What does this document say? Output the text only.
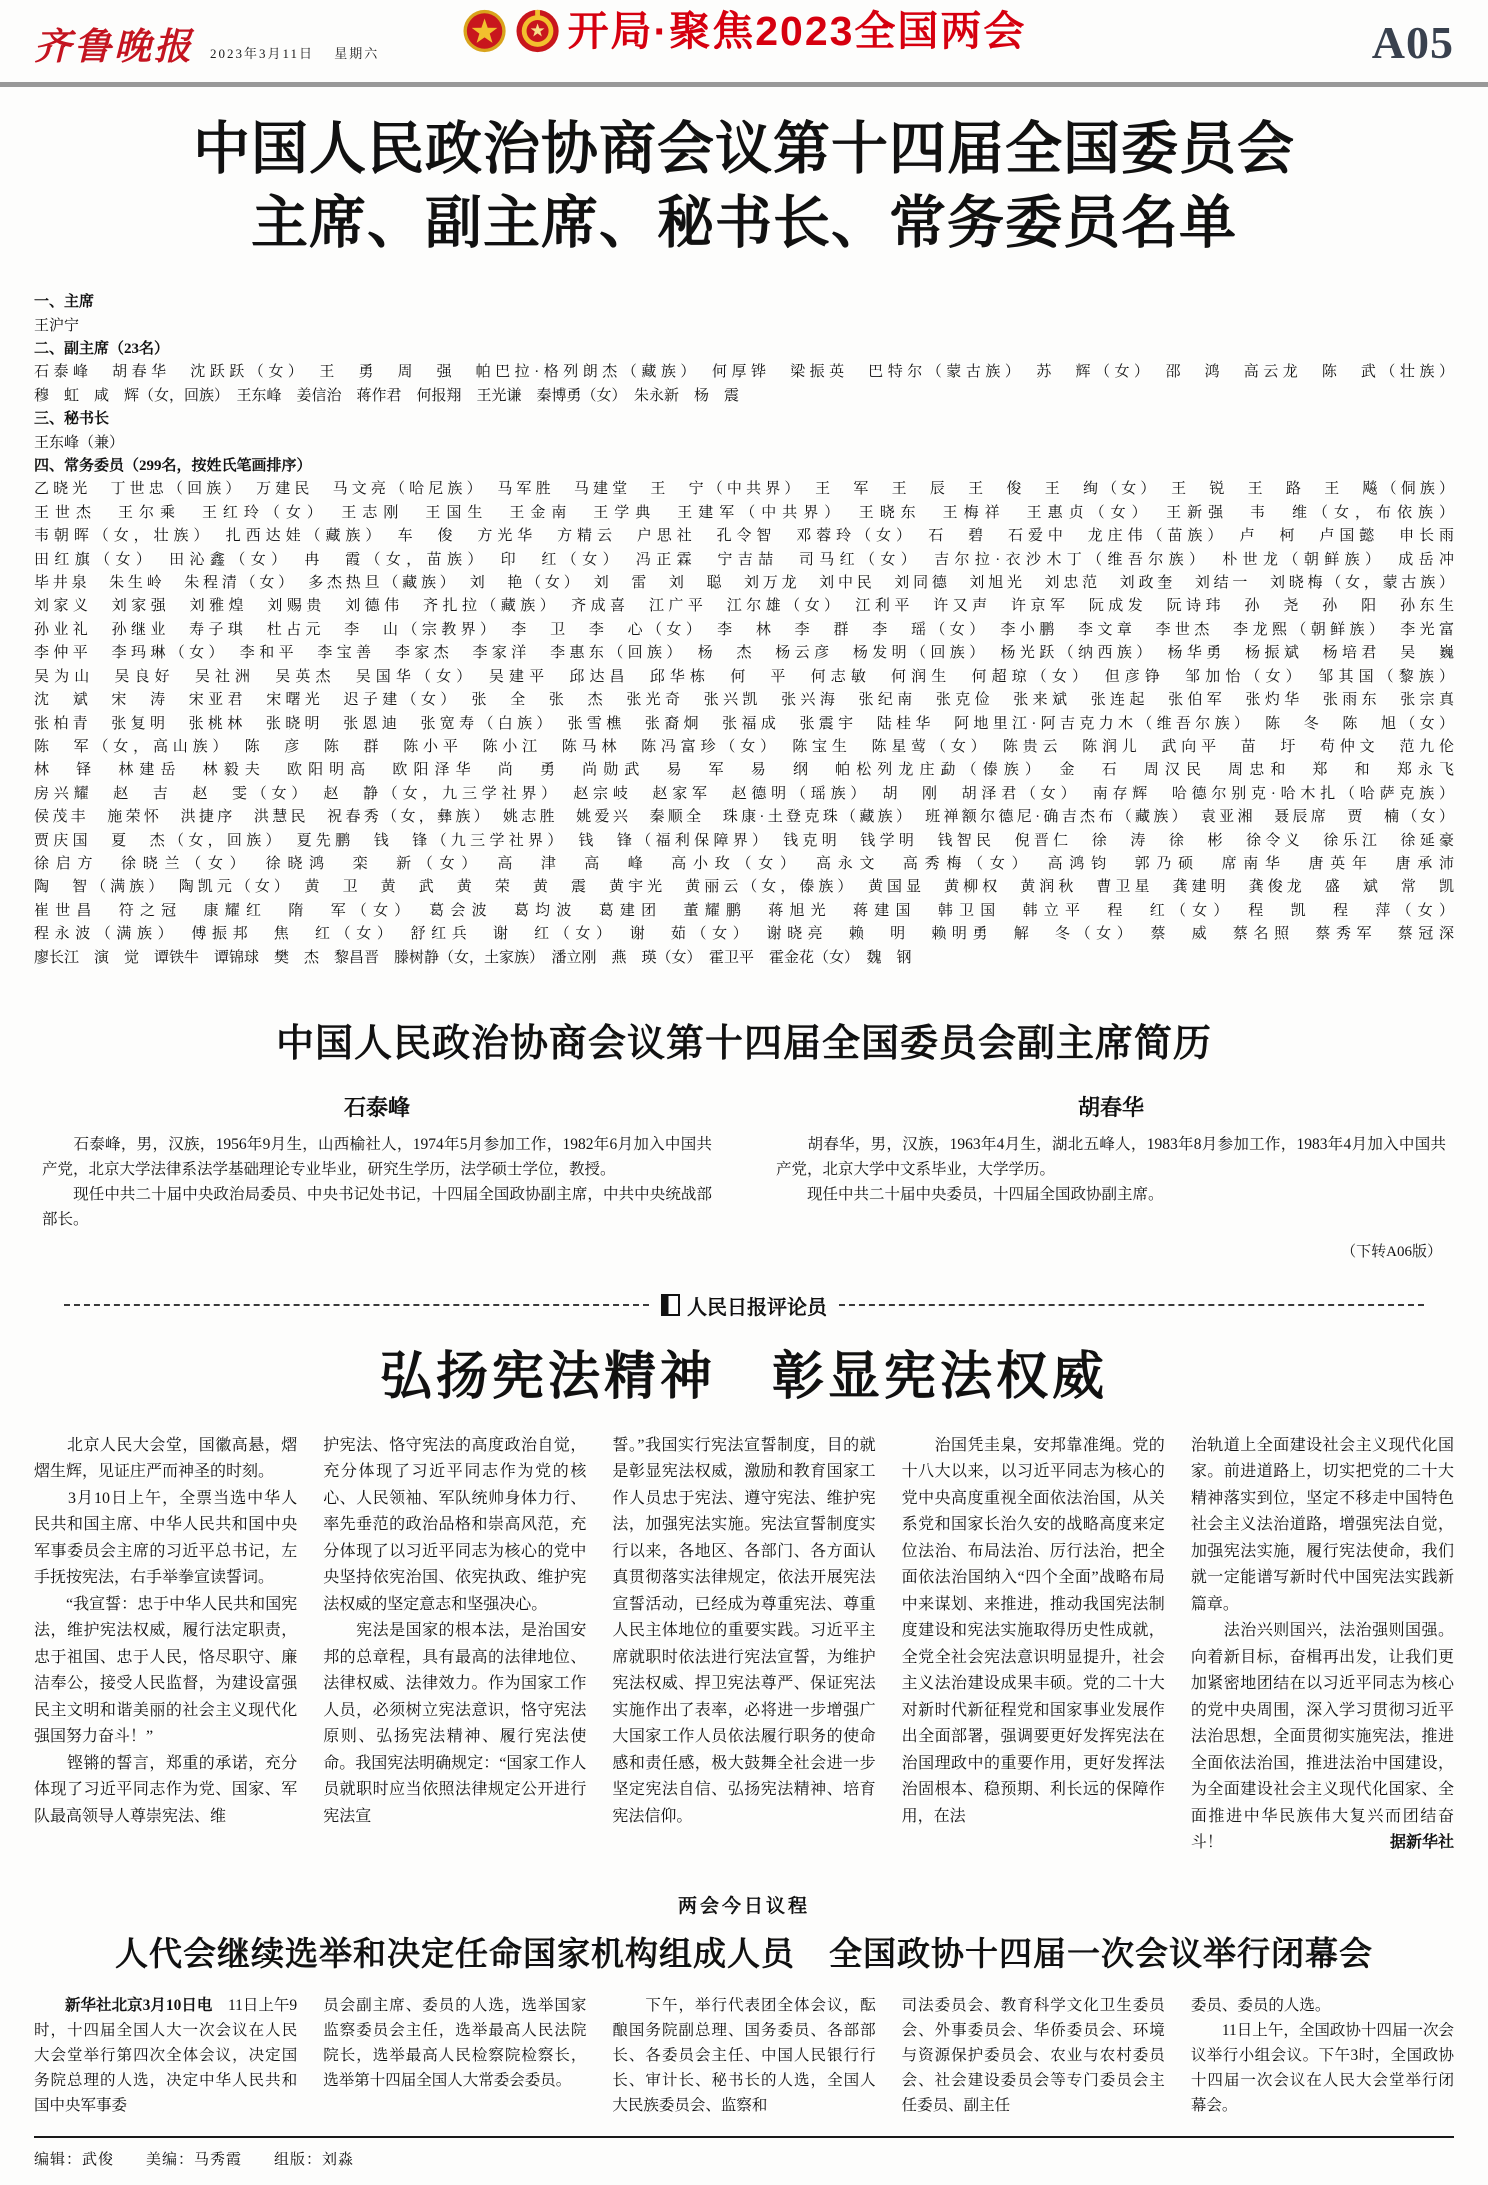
齐鲁晚报 2023年3月11日 　 星期六	开局·聚焦2023全国两会	A05
中国人民政治协商会议第十四届全国委员会
主席、副主席、秘书长、常务委员名单

一、主席

王沪宁

二、副主席（23名）

石泰峰　胡春华　沈跃跃（女）　王　勇　周　强　帕巴拉·格列朗杰（藏族）　何厚铧　梁振英　巴特尔（蒙古族）　苏　辉（女）　邵　鸿　高云龙　陈　武（壮族）

穆　虹　咸　辉（女，回族）　王东峰　姜信治　蒋作君　何报翔　王光谦　秦博勇（女）　朱永新　杨　震

三、秘书长

王东峰（兼）

四、常务委员（299名，按姓氏笔画排序）

乙晓光　丁世忠（回族）　万建民　马文亮（哈尼族）　马军胜　马建堂　王　宁（中共界）　王　军　王　辰　王　俊　王　绚（女）　王　锐　王　路　王　飚（侗族）

王世杰　王尔乘　王红玲（女）　王志刚　王国生　王金南　王学典　王建军（中共界）　王晓东　王梅祥　王惠贞（女）　王新强　韦　维（女，布依族）

韦朝晖（女，壮族）　扎西达娃（藏族）　车　俊　方光华　方精云　户思社　孔令智　邓蓉玲（女）　石　碧　石爱中　龙庄伟（苗族）　卢　柯　卢国懿　申长雨

田红旗（女）　田沁鑫（女）　冉　霞（女，苗族）　印　红（女）　冯正霖　宁吉喆　司马红（女）　吉尔拉·衣沙木丁（维吾尔族）　朴世龙（朝鲜族）　成岳冲

毕井泉　朱生岭　朱程清（女）　多杰热旦（藏族）　刘　艳（女）　刘　雷　刘　聪　刘万龙　刘中民　刘同德　刘旭光　刘忠范　刘政奎　刘结一　刘晓梅（女，蒙古族）

刘家义　刘家强　刘雅煌　刘赐贵　刘德伟　齐扎拉（藏族）　齐成喜　江广平　江尔雄（女）　江利平　许又声　许京军　阮成发　阮诗玮　孙　尧　孙　阳　孙东生

孙业礼　孙继业　寿子琪　杜占元　李　山（宗教界）　李　卫　李　心（女）　李　林　李　群　李　瑶（女）　李小鹏　李文章　李世杰　李龙熙（朝鲜族）　李光富

李仲平　李玛琳（女）　李和平　李宝善　李家杰　李家洋　李惠东（回族）　杨　杰　杨云彦　杨发明（回族）　杨光跃（纳西族）　杨华勇　杨振斌　杨培君　吴　巍

吴为山　吴良好　吴社洲　吴英杰　吴国华（女）　吴建平　邱达昌　邱华栋　何　平　何志敏　何润生　何超琼（女）　但彦铮　邹加怡（女）　邹其国（黎族）

沈　斌　宋　涛　宋亚君　宋曙光　迟子建（女）　张　全　张　杰　张光奇　张兴凯　张兴海　张纪南　张克俭　张来斌　张连起　张伯军　张灼华　张雨东　张宗真

张柏青　张复明　张桃林　张晓明　张恩迪　张宽寿（白族）　张雪樵　张裔炯　张福成　张震宇　陆桂华　阿地里江·阿吉克力木（维吾尔族）　陈　冬　陈　旭（女）

陈　军（女，高山族）　陈　彦　陈　群　陈小平　陈小江　陈马林　陈冯富珍（女）　陈宝生　陈星莺（女）　陈贵云　陈润儿　武向平　苗　圩　苟仲文　范九伦

林　铎　林建岳　林毅夫　欧阳明高　欧阳泽华　尚　勇　尚勋武　易　军　易　纲　帕松列龙庄勐（傣族）　金　石　周汉民　周忠和　郑　和　郑永飞

房兴耀　赵　吉　赵　雯（女）　赵　静（女，九三学社界）　赵宗岐　赵家军　赵德明（瑶族）　胡　刚　胡泽君（女）　南存辉　哈德尔别克·哈木扎（哈萨克族）

侯茂丰　施荣怀　洪捷序　洪慧民　祝春秀（女，彝族）　姚志胜　姚爱兴　秦顺全　珠康·土登克珠（藏族）　班禅额尔德尼·确吉杰布（藏族）　袁亚湘　聂辰席　贾　楠（女）

贾庆国　夏　杰（女，回族）　夏先鹏　钱　锋（九三学社界）　钱　锋（福利保障界）　钱克明　钱学明　钱智民　倪晋仁　徐　涛　徐　彬　徐令义　徐乐江　徐延豪

徐启方　徐晓兰（女）　徐晓鸿　栾　新（女）　高　津　高　峰　高小玫（女）　高永文　高秀梅（女）　高鸿钧　郭乃硕　席南华　唐英年　唐承沛

陶　智（满族）　陶凯元（女）　黄　卫　黄　武　黄　荣　黄　震　黄宇光　黄丽云（女，傣族）　黄国显　黄柳权　黄润秋　曹卫星　龚建明　龚俊龙　盛　斌　常　凯

崔世昌　符之冠　康耀红　隋　军（女）　葛会波　葛均波　葛建团　董耀鹏　蒋旭光　蒋建国　韩卫国　韩立平　程　红（女）　程　凯　程　萍（女）

程永波（满族）　傅振邦　焦　红（女）　舒红兵　谢　红（女）　谢　茹（女）　谢晓亮　赖　明　赖明勇　解　冬（女）　蔡　威　蔡名照　蔡秀军　蔡冠深

廖长江　演　觉　谭铁牛　谭锦球　樊　杰　黎昌晋　滕树静（女，土家族）　潘立刚　燕　瑛（女）　霍卫平　霍金花（女）　魏　钢

中国人民政治协商会议第十四届全国委员会副主席简历
石泰峰

　　石泰峰，男，汉族，1956年9月生，山西榆社人，1974年5月参加工作，1982年6月加入中国共产党，北京大学法律系法学基础理论专业毕业，研究生学历，法学硕士学位，教授。

　　现任中共二十届中央政治局委员、中央书记处书记，十四届全国政协副主席，中共中央统战部部长。

胡春华

　　胡春华，男，汉族，1963年4月生，湖北五峰人，1983年8月参加工作，1983年4月加入中国共产党，北京大学中文系毕业，大学学历。

　　现任中共二十届中央委员，十四届全国政协副主席。

（下转A06版）
人民日报评论员
弘扬宪法精神　彰显宪法权威

　　北京人民大会堂，国徽高悬，熠熠生辉，见证庄严而神圣的时刻。

　　3月10日上午，全票当选中华人民共和国主席、中华人民共和国中央军事委员会主席的习近平总书记，左手抚按宪法，右手举拳宣读誓词。

　　“我宣誓：忠于中华人民共和国宪法，维护宪法权威，履行法定职责，忠于祖国、忠于人民，恪尽职守、廉洁奉公，接受人民监督，为建设富强民主文明和谐美丽的社会主义现代化强国努力奋斗！”

　　铿锵的誓言，郑重的承诺，充分体现了习近平同志作为党、国家、军队最高领导人尊崇宪法、维

护宪法、恪守宪法的高度政治自觉，充分体现了习近平同志作为党的核心、人民领袖、军队统帅身体力行、率先垂范的政治品格和崇高风范，充分体现了以习近平同志为核心的党中央坚持依宪治国、依宪执政、维护宪法权威的坚定意志和坚强决心。

　　宪法是国家的根本法，是治国安邦的总章程，具有最高的法律地位、法律权威、法律效力。作为国家工作人员，必须树立宪法意识，恪守宪法原则、弘扬宪法精神、履行宪法使命。我国宪法明确规定：“国家工作人员就职时应当依照法律规定公开进行宪法宣

誓。”我国实行宪法宣誓制度，目的就是彰显宪法权威，激励和教育国家工作人员忠于宪法、遵守宪法、维护宪法，加强宪法实施。宪法宣誓制度实行以来，各地区、各部门、各方面认真贯彻落实法律规定，依法开展宪法宣誓活动，已经成为尊重宪法、尊重人民主体地位的重要实践。习近平主席就职时依法进行宪法宣誓，为维护宪法权威、捍卫宪法尊严、保证宪法实施作出了表率，必将进一步增强广大国家工作人员依法履行职务的使命感和责任感，极大鼓舞全社会进一步坚定宪法自信、弘扬宪法精神、培育宪法信仰。

　　治国凭圭臬，安邦靠准绳。党的十八大以来，以习近平同志为核心的党中央高度重视全面依法治国，从关系党和国家长治久安的战略高度来定位法治、布局法治、厉行法治，把全面依法治国纳入“四个全面”战略布局中来谋划、来推进，推动我国宪法制度建设和宪法实施取得历史性成就，全党全社会宪法意识明显提升，社会主义法治建设成果丰硕。党的二十大对新时代新征程党和国家事业发展作出全面部署，强调要更好发挥宪法在治国理政中的重要作用，更好发挥法治固根本、稳预期、利长远的保障作用，在法

治轨道上全面建设社会主义现代化国家。前进道路上，切实把党的二十大精神落实到位，坚定不移走中国特色社会主义法治道路，增强宪法自觉，加强宪法实施，履行宪法使命，我们就一定能谱写新时代中国宪法实践新篇章。

　　法治兴则国兴，法治强则国强。向着新目标，奋楫再出发，让我们更加紧密地团结在以习近平同志为核心的党中央周围，深入学习贯彻习近平法治思想，全面贯彻实施宪法，推进全面依法治国，推进法治中国建设，为全面建设社会主义现代化国家、全面推进中华民族伟大复兴而团结奋斗！	据新华社

两会今日议程
人代会继续选举和决定任命国家机构组成人员　全国政协十四届一次会议举行闭幕会

　　新华社北京3月10日电　11日上午9时，十四届全国人大一次会议在人民大会堂举行第四次全体会议，决定国务院总理的人选，决定中华人民共和国中央军事委

员会副主席、委员的人选，选举国家监察委员会主任，选举最高人民法院院长，选举最高人民检察院检察长，选举第十四届全国人大常委会委员。

　　下午，举行代表团全体会议，酝酿国务院副总理、国务委员、各部部长、各委员会主任、中国人民银行行长、审计长、秘书长的人选，全国人大民族委员会、监察和

司法委员会、教育科学文化卫生委员会、外事委员会、华侨委员会、环境与资源保护委员会、农业与农村委员会、社会建设委员会等专门委员会主任委员、副主任

委员、委员的人选。

　　11日上午，全国政协十四届一次会议举行小组会议。下午3时，全国政协十四届一次会议在人民大会堂举行闭幕会。

编辑：武俊　　美编：马秀霞　　组版：刘淼
